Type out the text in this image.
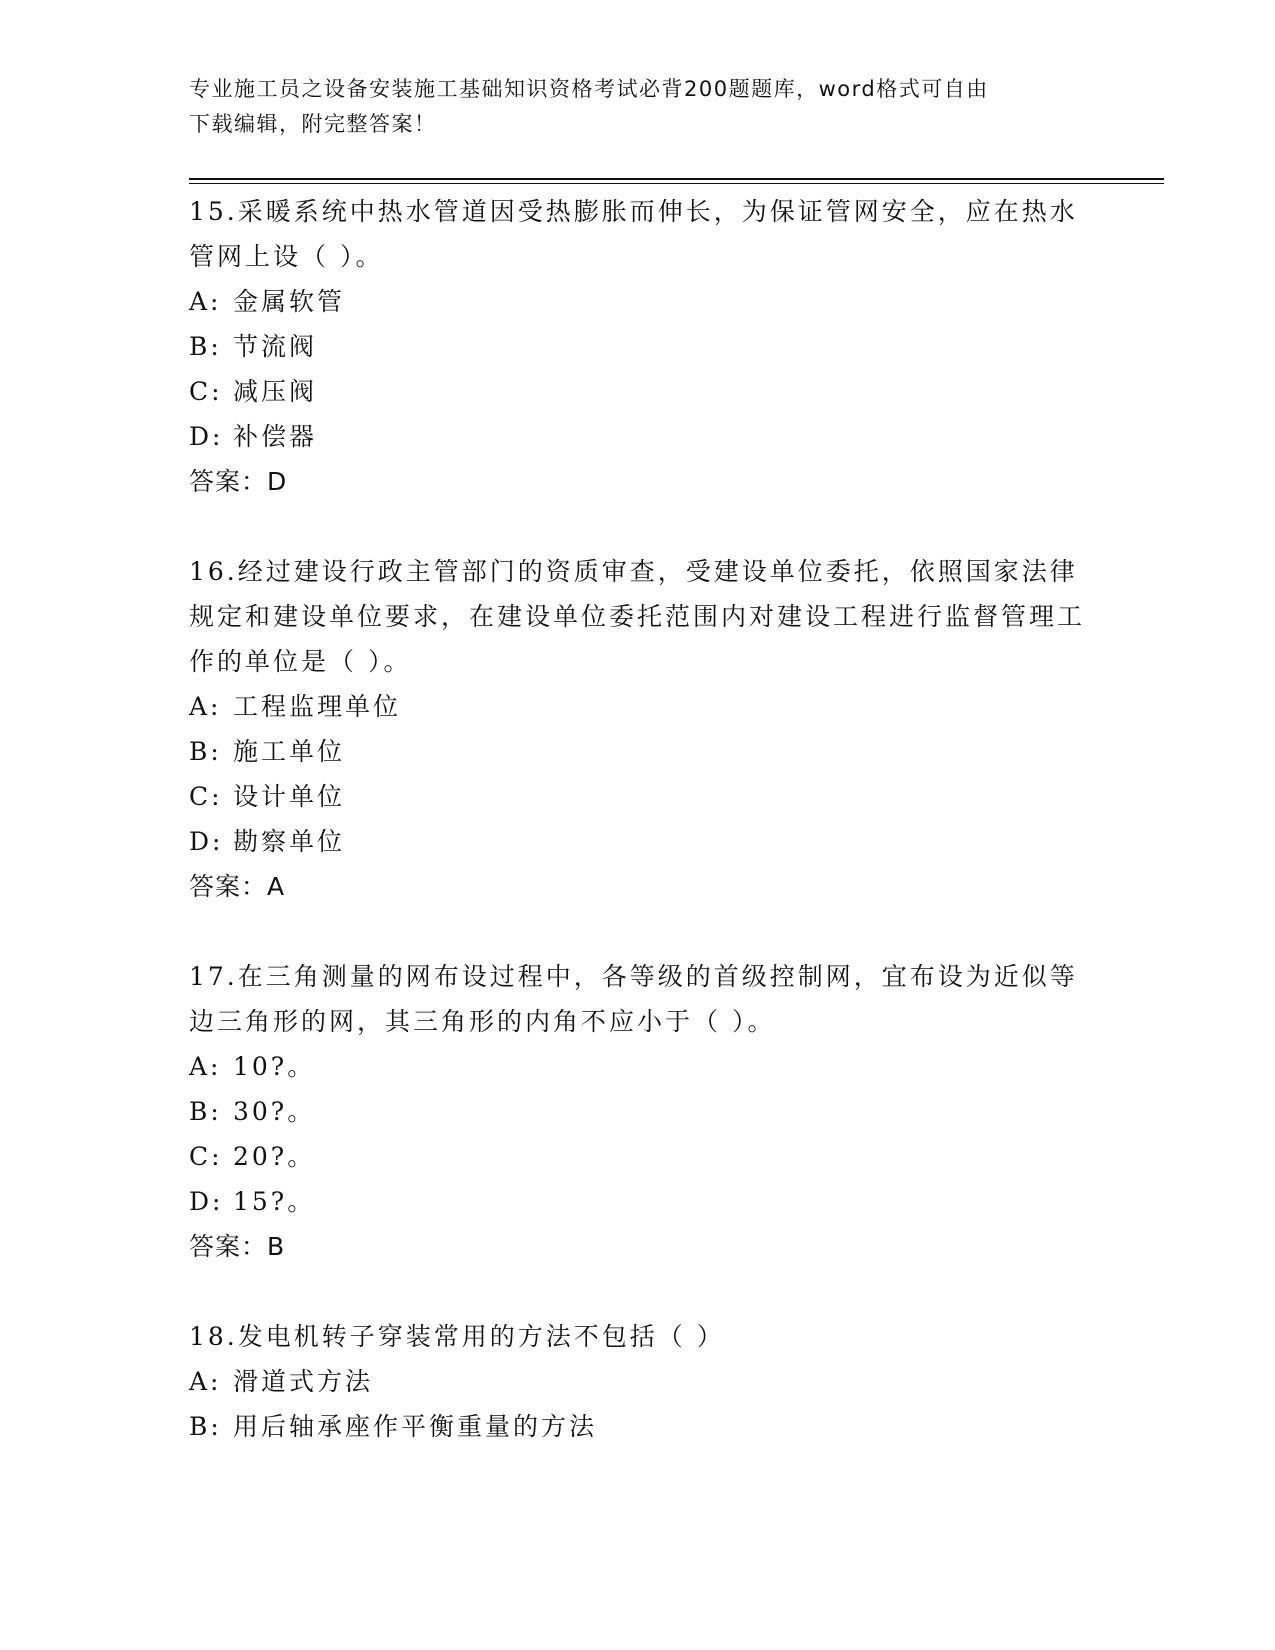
专业施工员之设备安装施工基础知识资格考试必背200题题库，word格式可自由
下载编辑，附完整答案！

15.采暖系统中热水管道因受热膨胀而伸长，为保证管网安全，应在热水管网上设（ ）。

A: 金属软管
B: 节流阀
C: 减压阀
D: 补偿器
答案：D

16.经过建设行政主管部门的资质审查，受建设单位委托，依照国家法律规定和建设单位要求，在建设单位委托范围内对建设工程进行监督管理工作的单位是（ ）。

A: 工程监理单位
B: 施工单位
C: 设计单位
D: 勘察单位
答案：A

17.在三角测量的网布设过程中，各等级的首级控制网，宜布设为近似等边三角形的网，其三角形的内角不应小于（ ）。

A: 10?。
B: 30?。
C: 20?。
D: 15?。
答案：B

18.发电机转子穿装常用的方法不包括（ ）

A: 滑道式方法
B: 用后轴承座作平衡重量的方法
